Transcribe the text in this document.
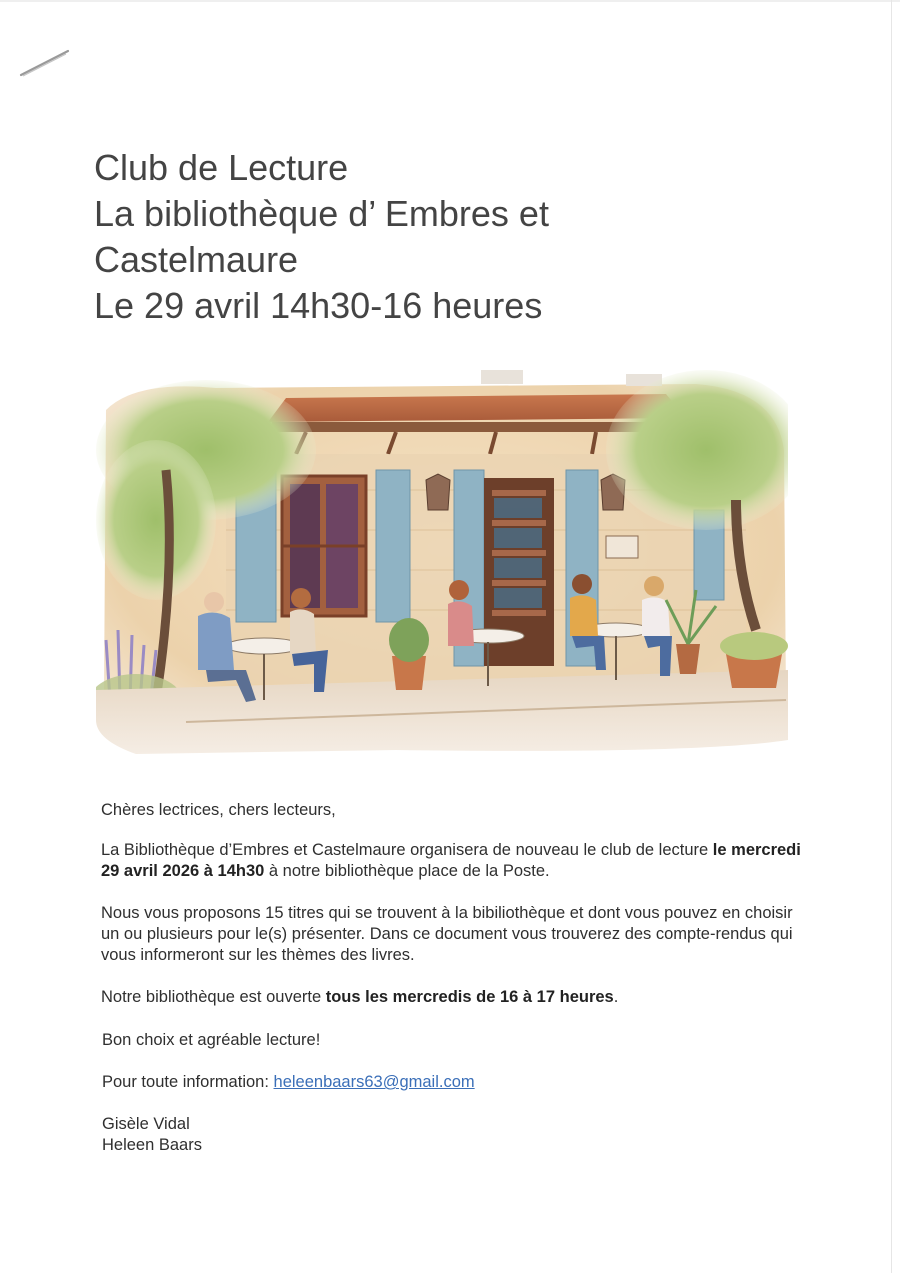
Club de Lecture
La bibliothèque d’ Embres et
Castelmaure
Le 29 avril 14h30-16 heures

Chères lectrices, chers lecteurs,

La Bibliothèque d’Embres et Castelmaure organisera de nouveau le club de lecture le mercredi 29 avril 2026 à 14h30 à notre bibliothèque place de la Poste.

Nous vous proposons 15 titres qui se trouvent à la bibiliothèque et dont vous pouvez en choisir un ou plusieurs pour le(s) présenter. Dans ce document vous trouverez des compte-rendus qui vous informeront sur les thèmes des livres.

Notre bibliothèque est ouverte tous les mercredis de 16 à 17 heures.

Bon choix et agréable lecture!

Pour toute information: heleenbaars63@gmail.com

Gisèle Vidal
Heleen Baars
